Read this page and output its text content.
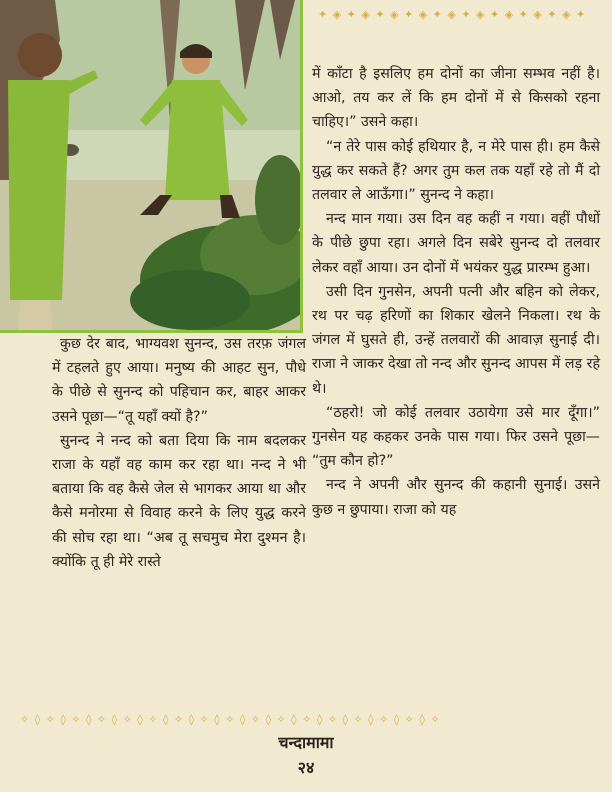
✦ ◈ ✦ ◈ ✦ ◈ ✦ ◈ ✦ ◈ ✦ ◈ ✦ ◈ ✦ ◈ ✦ ◈ ✦

में काँटा है इसलिए हम दोनों का जीना सम्भव नहीं है। आओ, तय कर लें कि हम दोनों में से किसको रहना चाहिए।” उसने कहा।

“न तेरे पास कोई हथियार है, न मेरे पास ही। हम कैसे युद्ध कर सकते हैं? अगर तुम कल तक यहाँ रहे तो मैं दो तलवार ले आऊँगा।” सुनन्द ने कहा।

नन्द मान गया। उस दिन वह कहीं न गया। वहीं पौधों के पीछे छुपा रहा। अगले दिन सबेरे सुनन्द दो तलवार लेकर वहाँ आया। उन दोनों में भयंकर युद्ध प्रारम्भ हुआ।

उसी दिन गुनसेन, अपनी पत्नी और बहिन को लेकर, रथ पर चढ़ हरिणों का शिकार खेलने निकला। रथ के जंगल में घुसते ही, उन्हें तलवारों की आवाज़ सुनाई दी। राजा ने जाकर देखा तो नन्द और सुनन्द आपस में लड़ रहे थे।

“ठहरो! जो कोई तलवार उठायेगा उसे मार दूँगा।” गुनसेन यह कहकर उनके पास गया। फिर उसने पूछा— “तुम कौन हो?”

नन्द ने अपनी और सुनन्द की कहानी सुनाई। उसने कुछ न छुपाया। राजा को यह

कुछ देर बाद, भाग्यवश सुनन्द, उस तरफ़ जंगल में टहलते हुए आया। मनुष्य की आहट सुन, पौधे के पीछे से सुनन्द को पहिचान कर, बाहर आकर उसने पूछा—“तू यहाँ क्यों है?”

सुनन्द ने नन्द को बता दिया कि नाम बदलकर राजा के यहाँ वह काम कर रहा था। नन्द ने भी बताया कि वह कैसे जेल से भागकर आया था और कैसे मनोरमा से विवाह करने के लिए युद्ध करने की सोच रहा था। “अब तू सचमुच मेरा दुश्मन है। क्योंकि तू ही मेरे रास्ते

✧ ◊ ✧ ◊ ✧ ◊ ✧ ◊ ✧ ◊ ✧ ◊ ✧ ◊ ✧ ◊ ✧ ◊ ✧ ◊ ✧ ◊ ✧ ◊ ✧ ◊ ✧ ◊ ✧ ◊ ✧ ◊ ✧
चन्दामामा
२४
